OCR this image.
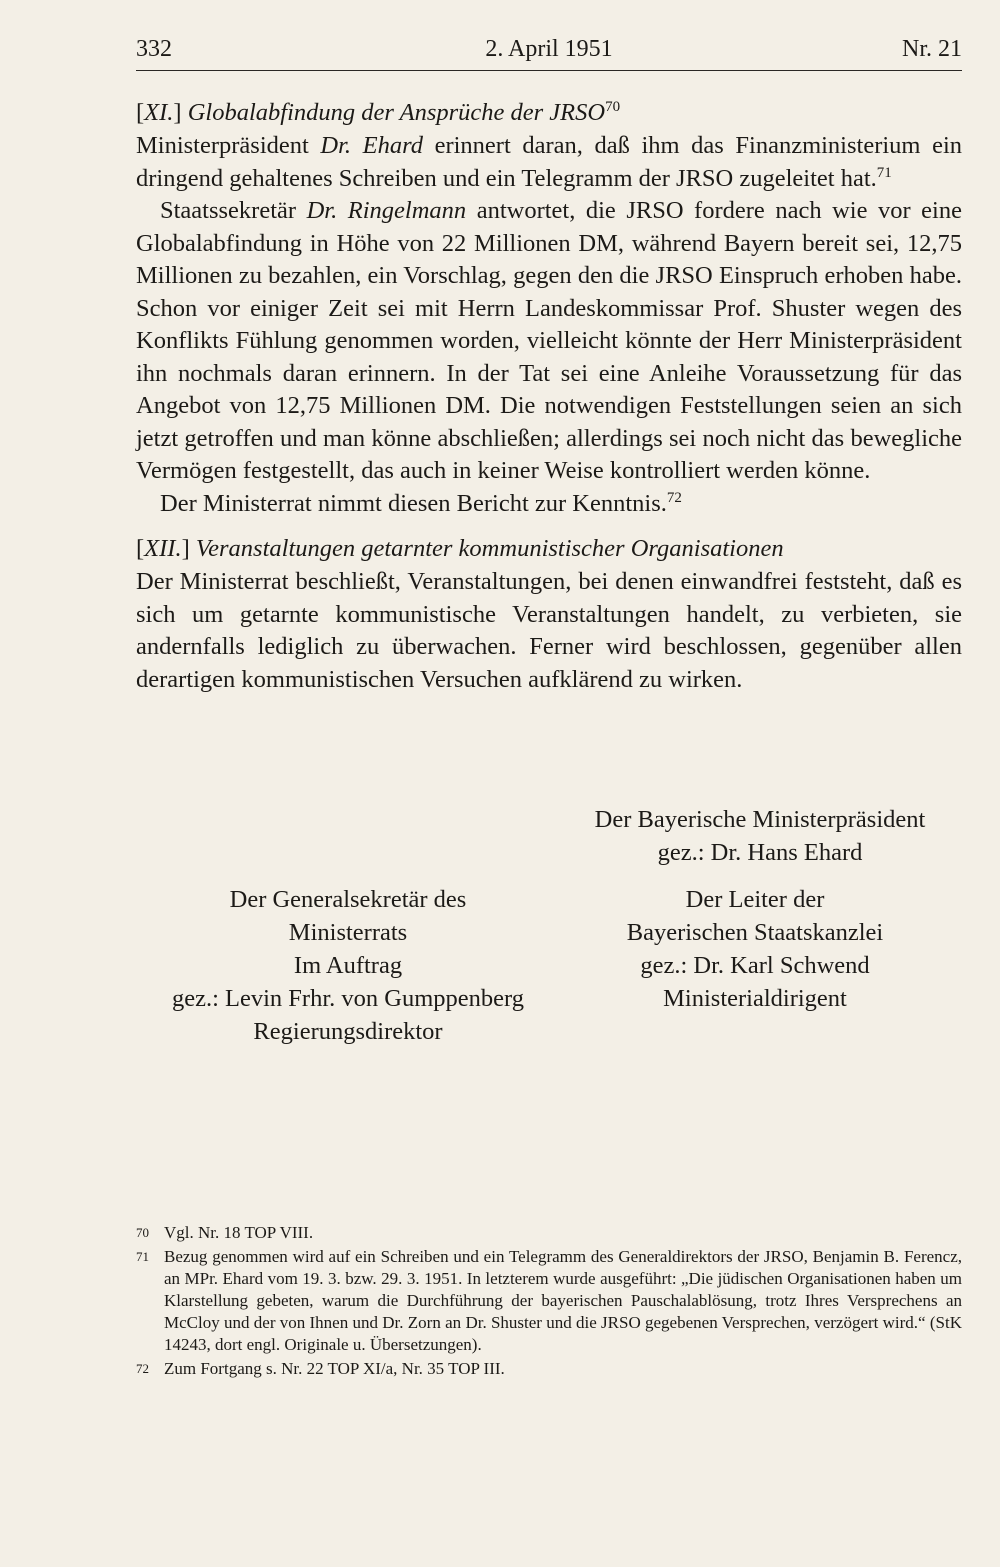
332	2. April 1951	Nr. 21

[XI.] Globalabfindung der Ansprüche der JRSO$^{70}$

Ministerpräsident Dr. Ehard erinnert daran, daß ihm das Finanzministerium ein dringend gehaltenes Schreiben und ein Telegramm der JRSO zugeleitet hat.$^{71}$

Staatssekretär Dr. Ringelmann antwortet, die JRSO fordere nach wie vor eine Globalabfindung in Höhe von 22 Millionen DM, während Bayern bereit sei, 12,75 Millionen zu bezahlen, ein Vorschlag, gegen den die JRSO Einspruch erhoben habe. Schon vor einiger Zeit sei mit Herrn Landeskommissar Prof. Shuster wegen des Konflikts Fühlung genommen worden, vielleicht könnte der Herr Ministerpräsident ihn nochmals daran erinnern. In der Tat sei eine Anleihe Voraussetzung für das Angebot von 12,75 Millionen DM. Die notwendigen Feststellungen seien an sich jetzt getroffen und man könne abschließen; allerdings sei noch nicht das bewegliche Vermögen festgestellt, das auch in keiner Weise kontrolliert werden könne.

Der Ministerrat nimmt diesen Bericht zur Kenntnis.$^{72}$

[XII.] Veranstaltungen getarnter kommunistischer Organisationen

Der Ministerrat beschließt, Veranstaltungen, bei denen einwandfrei feststeht, daß es sich um getarnte kommunistische Veranstaltungen handelt, zu verbieten, sie andernfalls lediglich zu überwachen. Ferner wird beschlossen, gegenüber allen derartigen kommunistischen Versuchen aufklärend zu wirken.

Der Bayerische Ministerpräsident
gez.: Dr. Hans Ehard
Der Generalsekretär des
Ministerrats
Im Auftrag
gez.: Levin Frhr. von Gumppenberg
Regierungsdirektor
Der Leiter der
Bayerischen Staatskanzlei
gez.: Dr. Karl Schwend
Ministerialdirigent
70 Vgl. Nr. 18 TOP VIII.
71 Bezug genommen wird auf ein Schreiben und ein Telegramm des Generaldirektors der JRSO, Benjamin B. Ferencz, an MPr. Ehard vom 19. 3. bzw. 29. 3. 1951. In letzterem wurde ausgeführt: „Die jüdischen Organisationen haben um Klarstellung gebeten, warum die Durchführung der bayerischen Pauschalablösung, trotz Ihres Versprechens an McCloy und der von Ihnen und Dr. Zorn an Dr. Shuster und die JRSO gegebenen Versprechen, verzögert wird.“ (StK 14243, dort engl. Originale u. Übersetzungen).
72 Zum Fortgang s. Nr. 22 TOP XI/a, Nr. 35 TOP III.
